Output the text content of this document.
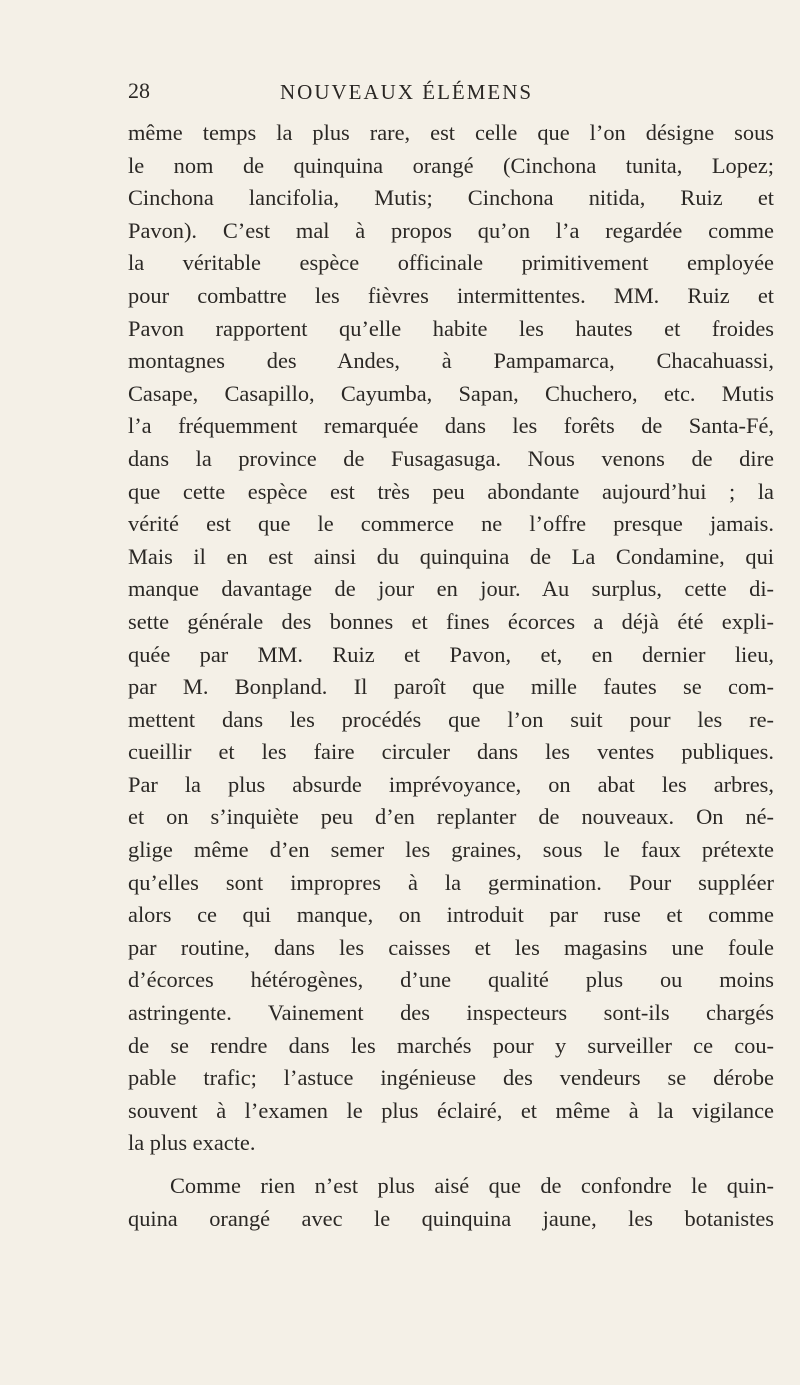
28	NOUVEAUX ÉLÉMENS

même temps la plus rare, est celle que l’on désigne sous
le nom de quinquina orangé (Cinchona tunita, Lopez;
Cinchona lancifolia, Mutis; Cinchona nitida, Ruiz et
Pavon). C’est mal à propos qu’on l’a regardée comme
la véritable espèce officinale primitivement employée
pour combattre les fièvres intermittentes. MM. Ruiz et
Pavon rapportent qu’elle habite les hautes et froides
montagnes des Andes, à Pampamarca, Chacahuassi,
Casape, Casapillo, Cayumba, Sapan, Chuchero, etc. Mutis
l’a fréquemment remarquée dans les forêts de Santa-Fé,
dans la province de Fusagasuga. Nous venons de dire
que cette espèce est très peu abondante aujourd’hui ; la
vérité est que le commerce ne l’offre presque jamais.
Mais il en est ainsi du quinquina de La Condamine, qui
manque davantage de jour en jour. Au surplus, cette di-
sette générale des bonnes et fines écorces a déjà été expli-
quée par MM. Ruiz et Pavon, et, en dernier lieu,
par M. Bonpland. Il paroît que mille fautes se com-
mettent dans les procédés que l’on suit pour les re-
cueillir et les faire circuler dans les ventes publiques.
Par la plus absurde imprévoyance, on abat les arbres,
et on s’inquiète peu d’en replanter de nouveaux. On né-
glige même d’en semer les graines, sous le faux prétexte
qu’elles sont impropres à la germination. Pour suppléer
alors ce qui manque, on introduit par ruse et comme
par routine, dans les caisses et les magasins une foule
d’écorces hétérogènes, d’une qualité plus ou moins
astringente. Vainement des inspecteurs sont-ils chargés
de se rendre dans les marchés pour y surveiller ce cou-
pable trafic; l’astuce ingénieuse des vendeurs se dérobe
souvent à l’examen le plus éclairé, et même à la vigilance
la plus exacte.

Comme rien n’est plus aisé que de confondre le quin-
quina orangé avec le quinquina jaune, les botanistes
